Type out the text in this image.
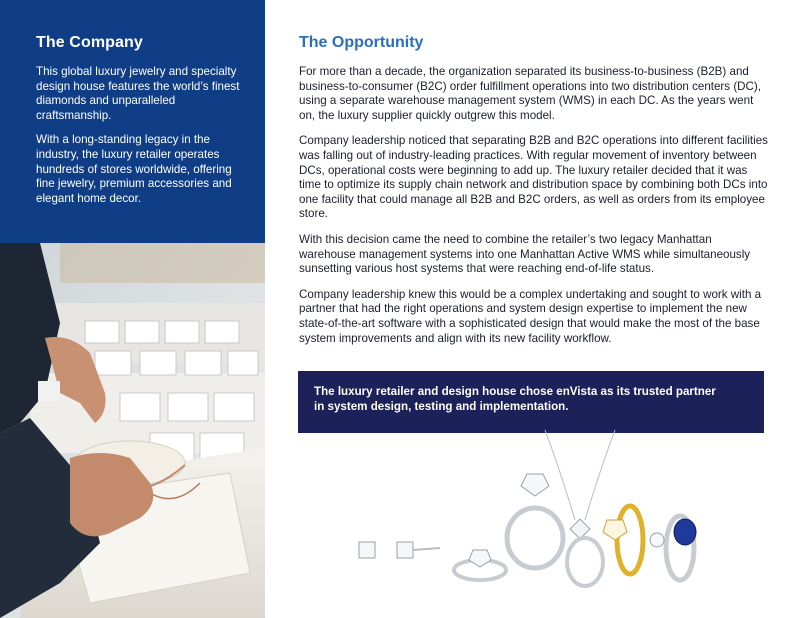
The Company

This global luxury jewelry and specialty design house features the world’s finest diamonds and unparalleled craftsmanship.

With a long-standing legacy in the industry, the luxury retailer operates hundreds of stores worldwide, offering fine jewelry, premium accessories and elegant home decor.

The Opportunity

For more than a decade, the organization separated its business-to-business (B2B) and business-to-consumer (B2C) order fulfillment operations into two distribution centers (DC), using a separate warehouse management system (WMS) in each DC. As the years went on, the luxury supplier quickly outgrew this model.

Company leadership noticed that separating B2B and B2C operations into different facilities was falling out of industry-leading practices. With regular movement of inventory between DCs, operational costs were beginning to add up. The luxury retailer decided that it was time to optimize its supply chain network and distribution space by combining both DCs into one facility that could manage all B2B and B2C orders, as well as orders from its employee store.

With this decision came the need to combine the retailer’s two legacy Manhattan warehouse management systems into one Manhattan Active WMS while simultaneously sunsetting various host systems that were reaching end-of-life status.

Company leadership knew this would be a complex undertaking and sought to work with a partner that had the right operations and system design expertise to implement the new state-of-the-art software with a sophisticated design that would make the most of the base system improvements and align with its new facility workflow.

The luxury retailer and design house chose enVista as its trusted partner in system design, testing and implementation.
